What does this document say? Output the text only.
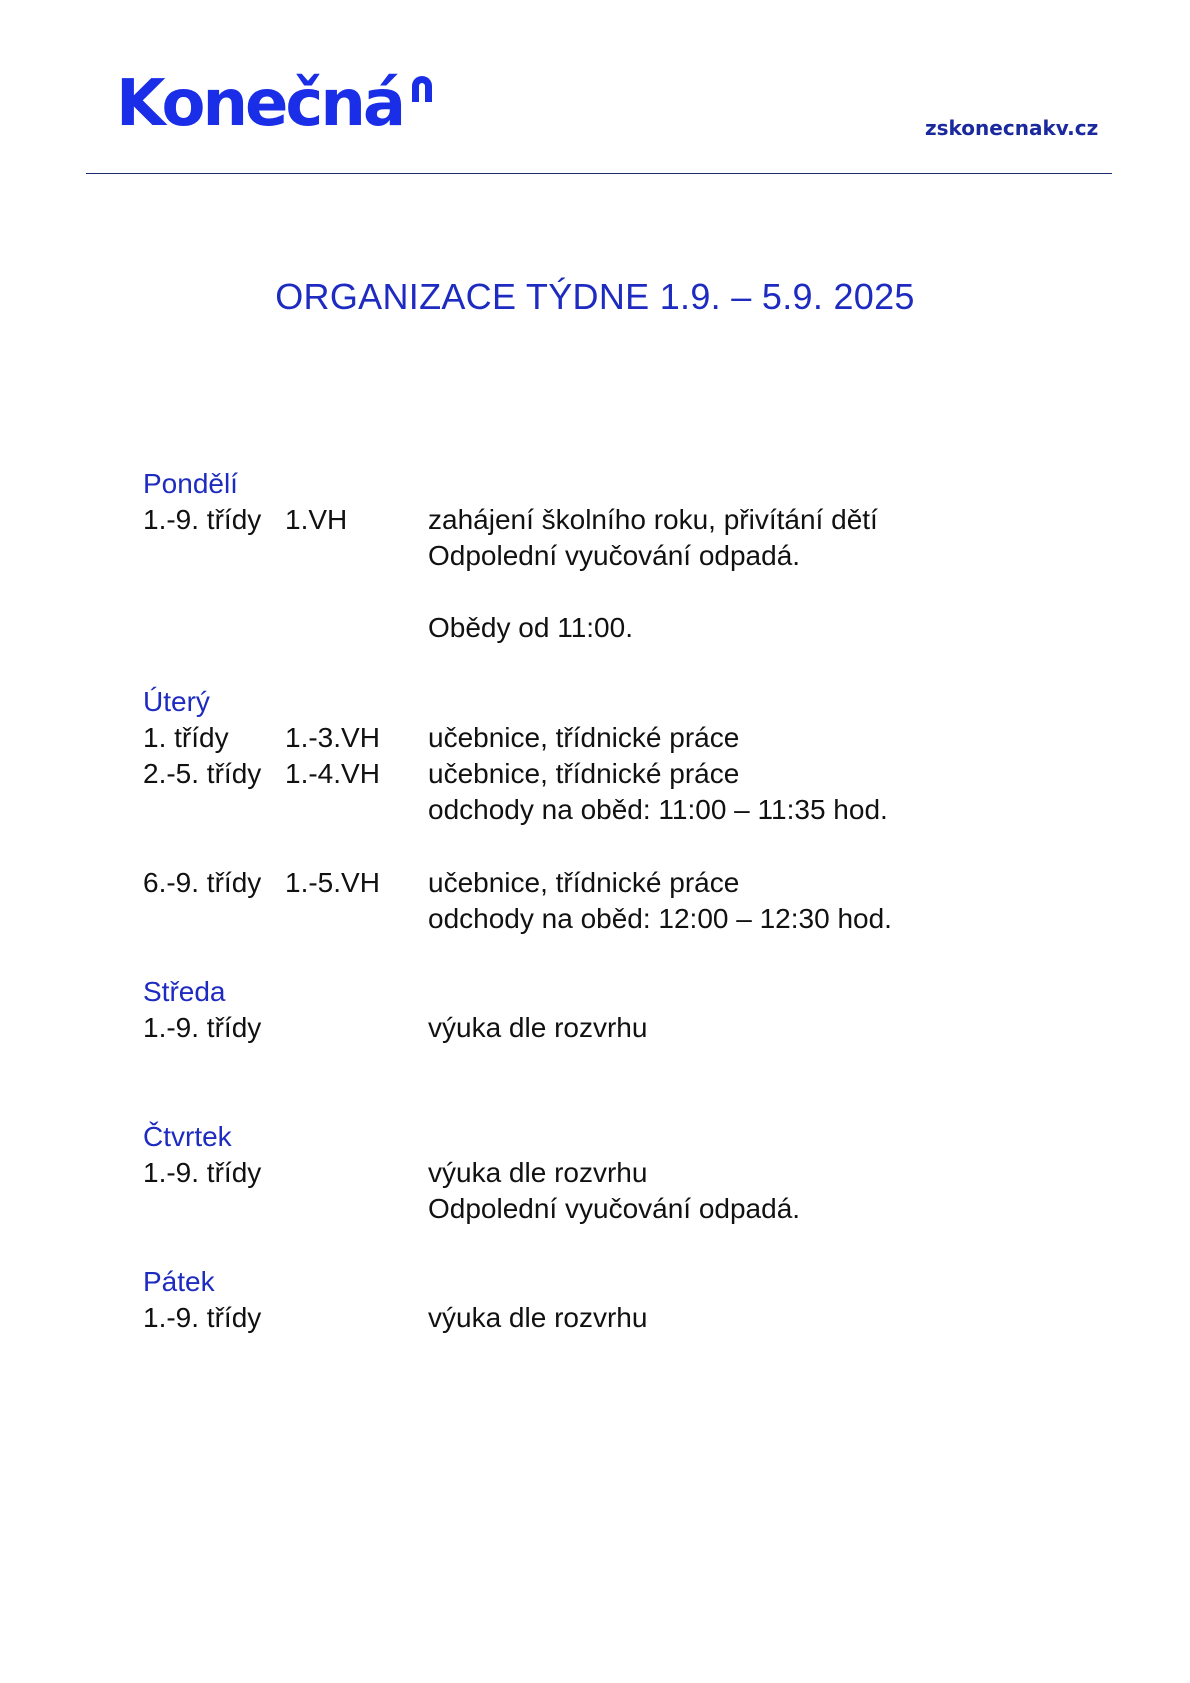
Konečná	zskonecnakv.cz
ORGANIZACE TÝDNE 1.9. – 5.9. 2025
Pondělí
1.-9. třídy 1.VH	zahájení školního roku, přivítání dětí
Odpolední vyučování odpadá.
Obědy od 11:00.
Úterý
1. třídy 1.-3.VH učebnice, třídnické práce
2.-5. třídy 1.-4.VH učebnice, třídnické práce
odchody na oběd: 11:00 – 11:35 hod.
6.-9. třídy 1.-5.VH učebnice, třídnické práce
odchody na oběd: 12:00 – 12:30 hod.
Středa
1.-9. třídy	výuka dle rozvrhu
Čtvrtek
1.-9. třídy	výuka dle rozvrhu
Odpolední vyučování odpadá.
Pátek
1.-9. třídy	výuka dle rozvrhu
